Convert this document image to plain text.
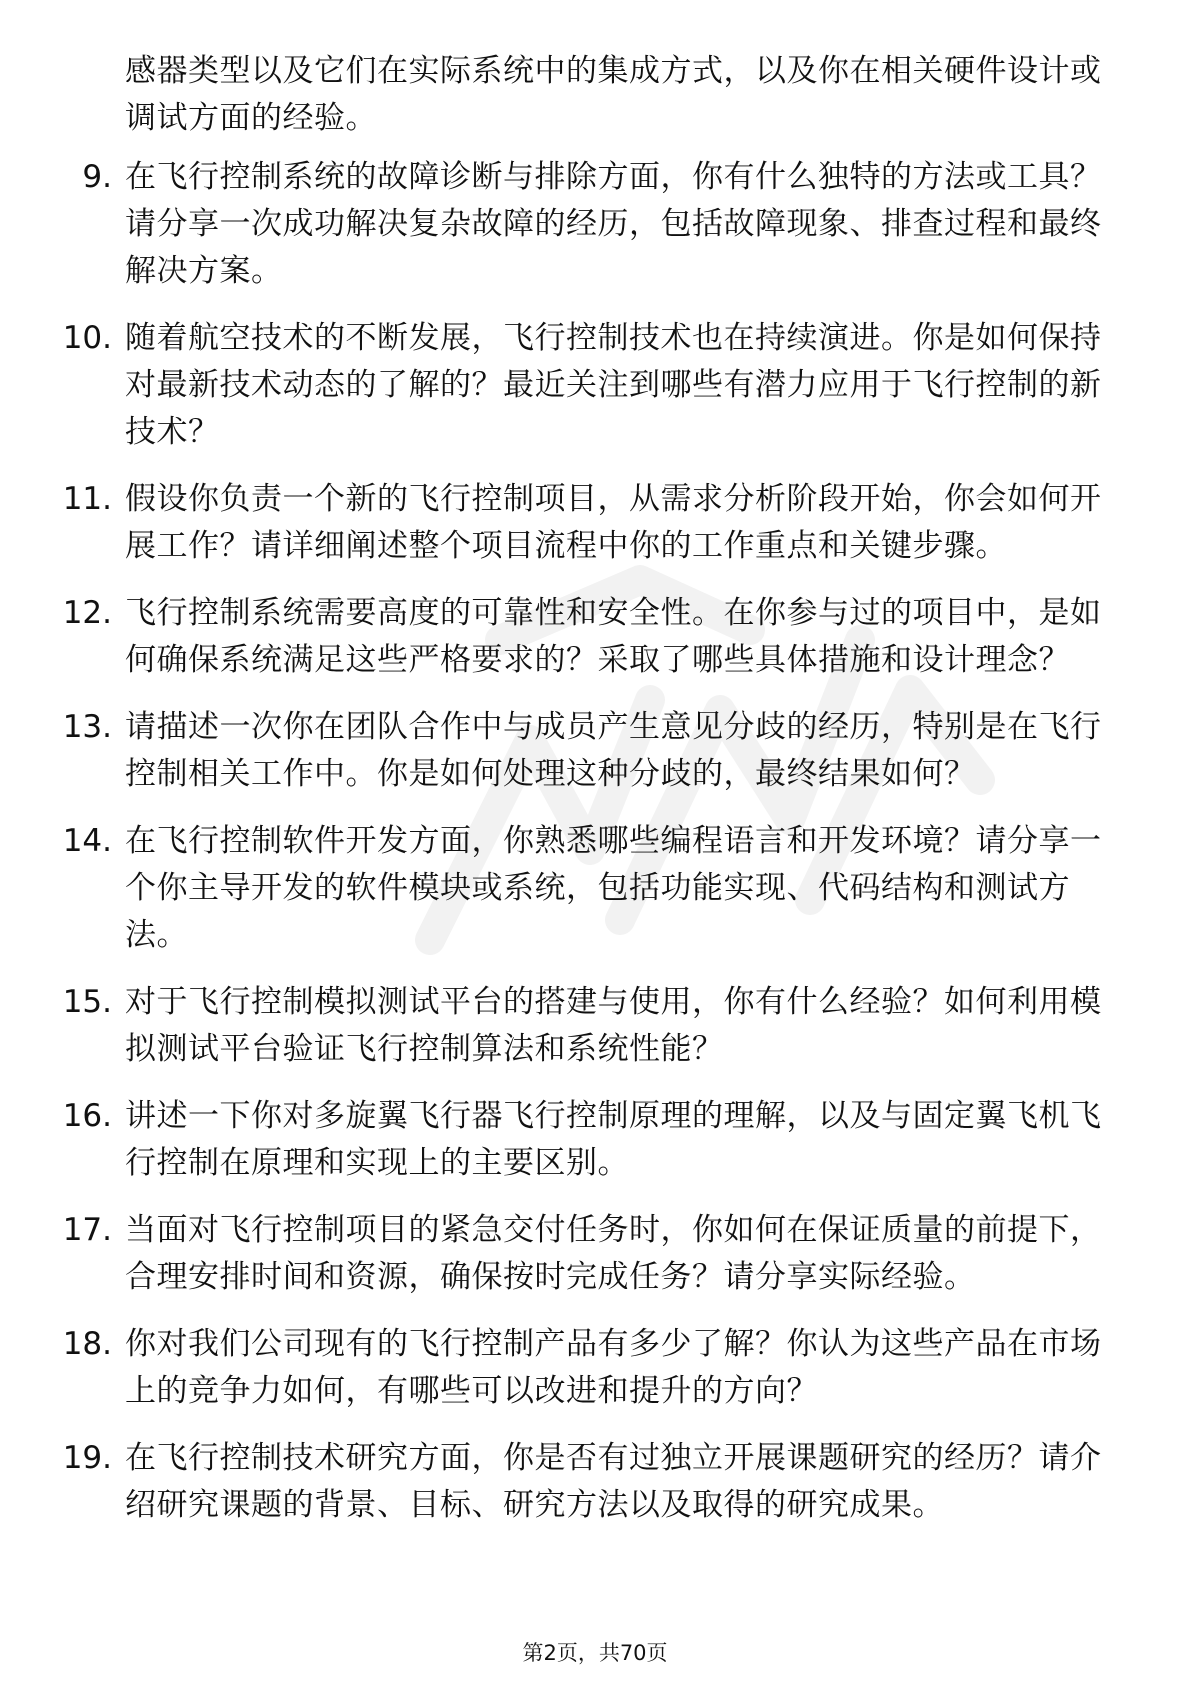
感器类型以及它们在实际系统中的集成方式，以及你在相关硬件设计或调试方面的经验。

9. 在飞行控制系统的故障诊断与排除方面，你有什么独特的方法或工具？请分享一次成功解决复杂故障的经历，包括故障现象、排查过程和最终解决方案。
10. 随着航空技术的不断发展，飞行控制技术也在持续演进。你是如何保持对最新技术动态的了解的？最近关注到哪些有潜力应用于飞行控制的新技术？
11. 假设你负责一个新的飞行控制项目，从需求分析阶段开始，你会如何开展工作？请详细阐述整个项目流程中你的工作重点和关键步骤。
12. 飞行控制系统需要高度的可靠性和安全性。在你参与过的项目中，是如何确保系统满足这些严格要求的？采取了哪些具体措施和设计理念？
13. 请描述一次你在团队合作中与成员产生意见分歧的经历，特别是在飞行控制相关工作中。你是如何处理这种分歧的，最终结果如何？
14. 在飞行控制软件开发方面，你熟悉哪些编程语言和开发环境？请分享一个你主导开发的软件模块或系统，包括功能实现、代码结构和测试方法。
15. 对于飞行控制模拟测试平台的搭建与使用，你有什么经验？如何利用模拟测试平台验证飞行控制算法和系统性能？
16. 讲述一下你对多旋翼飞行器飞行控制原理的理解，以及与固定翼飞机飞行控制在原理和实现上的主要区别。
17. 当面对飞行控制项目的紧急交付任务时，你如何在保证质量的前提下，合理安排时间和资源，确保按时完成任务？请分享实际经验。
18. 你对我们公司现有的飞行控制产品有多少了解？你认为这些产品在市场上的竞争力如何，有哪些可以改进和提升的方向？
19. 在飞行控制技术研究方面，你是否有过独立开展课题研究的经历？请介绍研究课题的背景、目标、研究方法以及取得的研究成果。
第2页，共70页
